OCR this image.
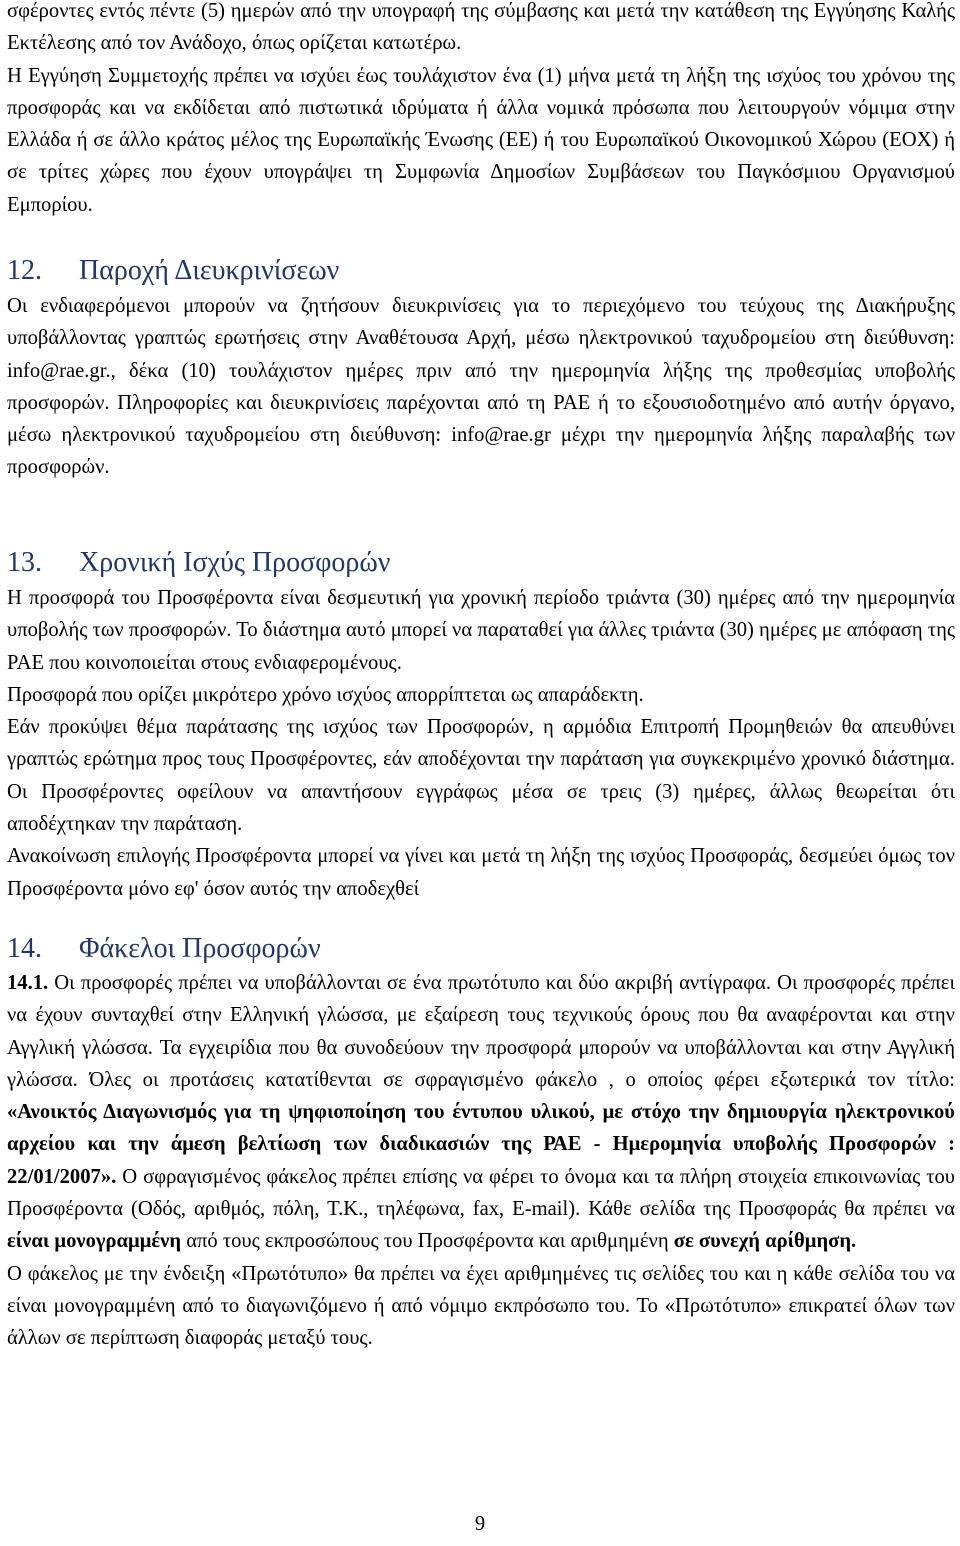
σφέροντες εντός πέντε (5) ημερών από την υπογραφή της σύμβασης και μετά την κατάθεση της Εγγύησης Καλής Εκτέλεσης από τον Ανάδοχο, όπως ορίζεται κατωτέρω.

Η Εγγύηση Συμμετοχής πρέπει να ισχύει έως τουλάχιστον ένα (1) μήνα μετά τη λήξη της ισχύος του χρόνου της προσφοράς και να εκδίδεται από πιστωτικά ιδρύματα ή άλλα νομικά πρόσωπα που λειτουργούν νόμιμα στην Ελλάδα ή σε άλλο κράτος μέλος της Ευρωπαϊκής Ένωσης (ΕΕ) ή του Ευρωπαϊκού Οικονομικού Χώρου (ΕΟΧ) ή σε τρίτες χώρες που έχουν υπογράψει τη Συμφωνία Δημοσίων Συμβάσεων του Παγκόσμιου Οργανισμού Εμπορίου.

12. Παροχή Διευκρινίσεων

Οι ενδιαφερόμενοι μπορούν να ζητήσουν διευκρινίσεις για το περιεχόμενο του τεύχους της Διακήρυξης υποβάλλοντας γραπτώς ερωτήσεις στην Αναθέτουσα Αρχή, μέσω ηλεκτρονικού ταχυδρομείου στη διεύθυνση: info@rae.gr., δέκα (10) τουλάχιστον ημέρες πριν από την ημερομηνία λήξης της προθεσμίας υποβολής προσφορών. Πληροφορίες και διευκρινίσεις παρέχονται από τη ΡΑΕ ή το εξουσιοδοτημένο από αυτήν όργανο, μέσω ηλεκτρονικού ταχυδρομείου στη διεύθυνση: info@rae.gr μέχρι την ημερομηνία λήξης παραλαβής των προσφορών.

13. Χρονική Ισχύς Προσφορών

Η προσφορά του Προσφέροντα είναι δεσμευτική για χρονική περίοδο τριάντα (30) ημέρες από την ημερομηνία υποβολής των προσφορών. Το διάστημα αυτό μπορεί να παραταθεί για άλλες τριάντα (30) ημέρες με απόφαση της ΡΑΕ που κοινοποιείται στους ενδιαφερομένους.

Προσφορά που ορίζει μικρότερο χρόνο ισχύος απορρίπτεται ως απαράδεκτη.

Εάν προκύψει θέμα παράτασης της ισχύος των Προσφορών, η αρμόδια Επιτροπή Προμηθειών θα απευθύνει γραπτώς ερώτημα προς τους Προσφέροντες, εάν αποδέχονται την παράταση για συγκεκριμένο χρονικό διάστημα. Οι Προσφέροντες οφείλουν να απαντήσουν εγγράφως μέσα σε τρεις (3) ημέρες, άλλως θεωρείται ότι αποδέχτηκαν την παράταση.

Ανακοίνωση επιλογής Προσφέροντα μπορεί να γίνει και μετά τη λήξη της ισχύος Προσφοράς, δεσμεύει όμως τον Προσφέροντα μόνο εφ' όσον αυτός την αποδεχθεί

14. Φάκελοι Προσφορών

14.1. Οι προσφορές πρέπει να υποβάλλονται σε ένα πρωτότυπο και δύο ακριβή αντίγραφα. Οι προσφορές πρέπει να έχουν συνταχθεί στην Ελληνική γλώσσα, με εξαίρεση τους τεχνικούς όρους που θα αναφέρονται και στην Αγγλική γλώσσα. Τα εγχειρίδια που θα συνοδεύουν την προσφορά μπορούν να υποβάλλονται και στην Αγγλική γλώσσα. Όλες οι προτάσεις κατατίθενται σε σφραγισμένο φάκελο , ο οποίος φέρει εξωτερικά τον τίτλο: «Ανοικτός Διαγωνισμός για τη ψηφιοποίηση του έντυπου υλικού, με στόχο την δημιουργία ηλεκτρονικού αρχείου και την άμεση βελτίωση των διαδικασιών της ΡΑΕ - Ημερομηνία υποβολής Προσφορών : 22/01/2007». Ο σφραγισμένος φάκελος πρέπει επίσης να φέρει το όνομα και τα πλήρη στοιχεία επικοινωνίας του Προσφέροντα (Οδός, αριθμός, πόλη, Τ.Κ., τηλέφωνα, fax, E-mail). Κάθε σελίδα της Προσφοράς θα πρέπει να είναι μονογραμμένη από τους εκπροσώπους του Προσφέροντα και αριθμημένη σε συνεχή αρίθμηση.

Ο φάκελος με την ένδειξη «Πρωτότυπο» θα πρέπει να έχει αριθμημένες τις σελίδες του και η κάθε σελίδα του να είναι μονογραμμένη από το διαγωνιζόμενο ή από νόμιμο εκπρόσωπο του. Το «Πρωτότυπο» επικρατεί όλων των άλλων σε περίπτωση διαφοράς μεταξύ τους.

9
